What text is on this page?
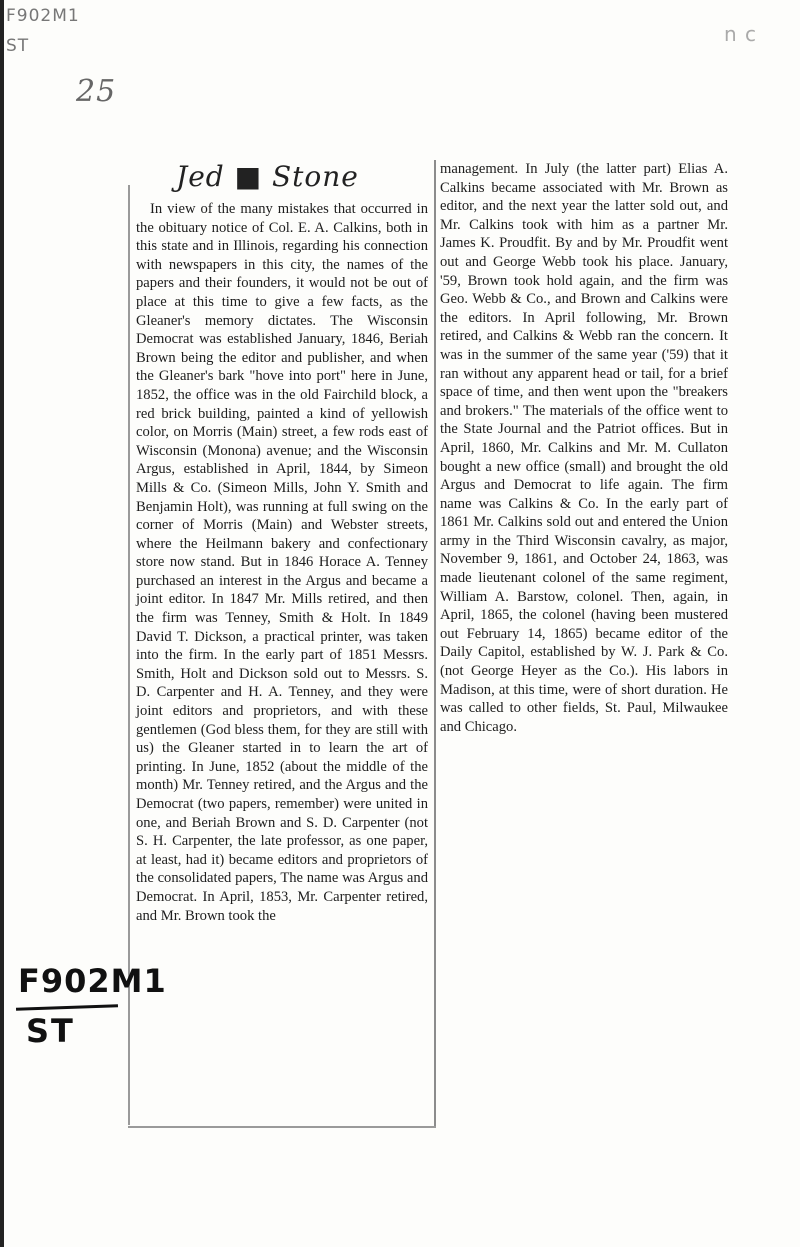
F902M1
ST
25
n c
Jed ■ Stone

In view of the many mistakes that occurred in the obituary notice of Col. E. A. Calkins, both in this state and in Illinois, regarding his connection with newspapers in this city, the names of the papers and their founders, it would not be out of place at this time to give a few facts, as the Gleaner's memory dictates. The Wisconsin Democrat was established January, 1846, Beriah Brown being the editor and publisher, and when the Gleaner's bark "hove into port" here in June, 1852, the office was in the old Fairchild block, a red brick building, painted a kind of yellowish color, on Morris (Main) street, a few rods east of Wisconsin (Monona) avenue; and the Wisconsin Argus, established in April, 1844, by Simeon Mills & Co. (Simeon Mills, John Y. Smith and Benjamin Holt), was running at full swing on the corner of Morris (Main) and Webster streets, where the Heilmann bakery and confectionary store now stand. But in 1846 Horace A. Tenney purchased an interest in the Argus and became a joint editor. In 1847 Mr. Mills retired, and then the firm was Tenney, Smith & Holt. In 1849 David T. Dickson, a practical printer, was taken into the firm. In the early part of 1851 Messrs. Smith, Holt and Dickson sold out to Messrs. S. D. Carpenter and H. A. Tenney, and they were joint editors and proprietors, and with these gentlemen (God bless them, for they are still with us) the Gleaner started in to learn the art of printing. In June, 1852 (about the middle of the month) Mr. Tenney retired, and the Argus and the Democrat (two papers, remember) were united in one, and Beriah Brown and S. D. Carpenter (not S. H. Carpenter, the late professor, as one paper, at least, had it) became editors and proprietors of the consolidated papers, The name was Argus and Democrat. In April, 1853, Mr. Carpenter retired, and Mr. Brown took the

management. In July (the latter part) Elias A. Calkins became associated with Mr. Brown as editor, and the next year the latter sold out, and Mr. Calkins took with him as a partner Mr. James K. Proudfit. By and by Mr. Proudfit went out and George Webb took his place. January, '59, Brown took hold again, and the firm was Geo. Webb & Co., and Brown and Calkins were the editors. In April following, Mr. Brown retired, and Calkins & Webb ran the concern. It was in the summer of the same year ('59) that it ran without any apparent head or tail, for a brief space of time, and then went upon the "breakers and brokers." The materials of the office went to the State Journal and the Patriot offices. But in April, 1860, Mr. Calkins and Mr. M. Cullaton bought a new office (small) and brought the old Argus and Democrat to life again. The firm name was Calkins & Co. In the early part of 1861 Mr. Calkins sold out and entered the Union army in the Third Wisconsin cavalry, as major, November 9, 1861, and October 24, 1863, was made lieutenant colonel of the same regiment, William A. Barstow, colonel. Then, again, in April, 1865, the colonel (having been mustered out February 14, 1865) became editor of the Daily Capitol, established by W. J. Park & Co. (not George Heyer as the Co.). His labors in Madison, at this time, were of short duration. He was called to other fields, St. Paul, Milwaukee and Chicago.

F902M1
ST
